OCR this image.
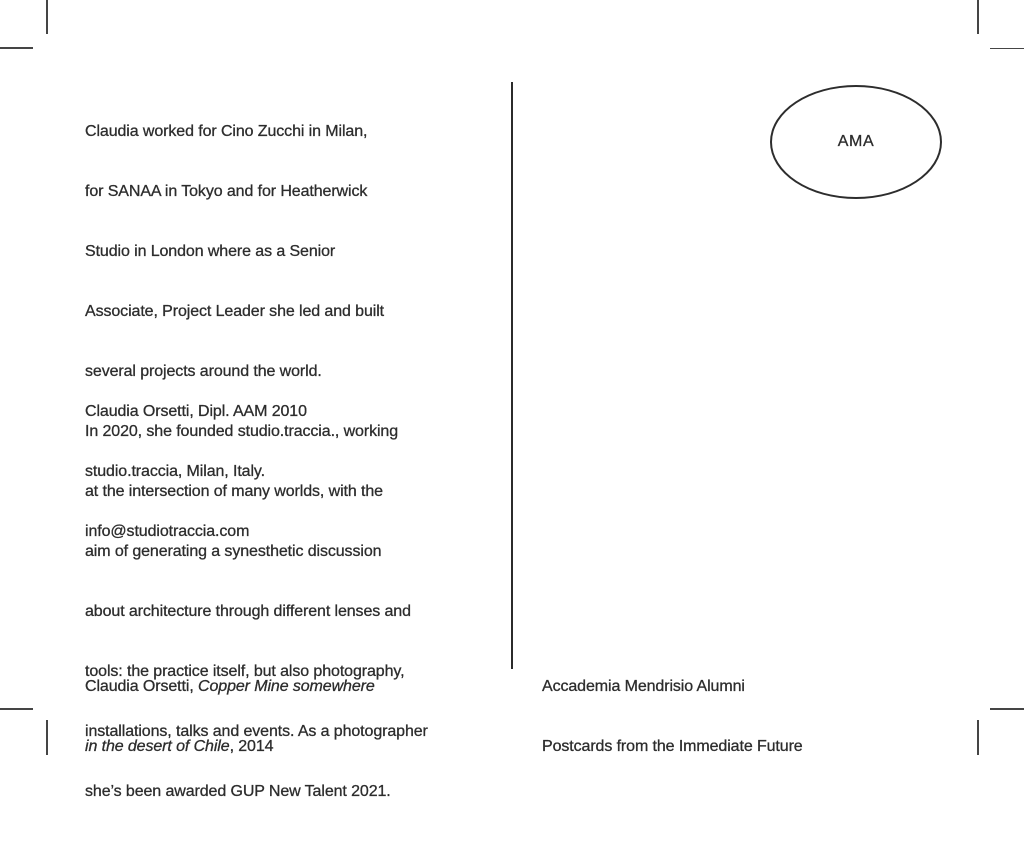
Claudia worked for Cino Zucchi in Milan,

for SANAA in Tokyo and for Heatherwick

Studio in London where as a Senior

Associate, Project Leader she led and built

several projects around the world.

In 2020, she founded studio.traccia., working

at the intersection of many worlds, with the

aim of generating a synesthetic discussion

about architecture through different lenses and

tools: the practice itself, but also photography,

installations, talks and events. As a photographer

she’s been awarded GUP New Talent 2021.

Claudia Orsetti, Dipl. AAM 2010

studio.traccia, Milan, Italy.

info@studiotraccia.com

Claudia Orsetti, Copper Mine somewhere

in the desert of Chile, 2014

AMA

Accademia Mendrisio Alumni

Postcards from the Immediate Future
